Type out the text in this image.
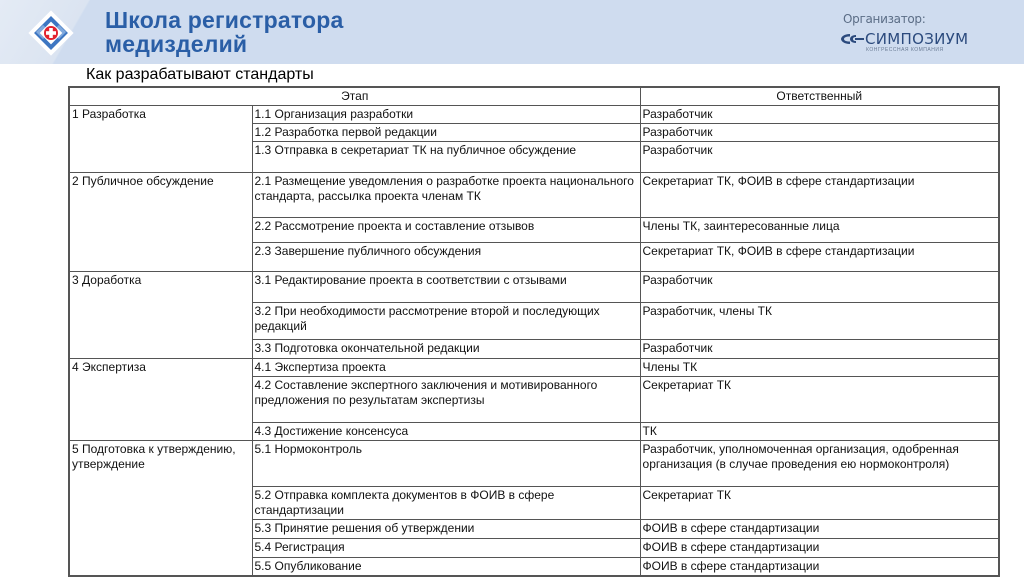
Школа регистратора
медизделий
Организатор:
СИМПОЗИУМ
КОНГРЕССНАЯ КОМПАНИЯ
Как разрабатывают стандарты
Этап		Ответственный
1 Разработка	1.1 Организация разработки	Разработчик
	1.2 Разработка первой редакции	Разработчик
	1.3 Отправка в секретариат ТК на публичное обсуждение	Разработчик
2 Публичное обсуждение	2.1 Размещение уведомления о разработке проекта национального стандарта, рассылка проекта членам ТК	Секретариат ТК, ФОИВ в сфере стандартизации
	2.2 Рассмотрение проекта и составление отзывов	Члены ТК, заинтересованные лица
	2.3 Завершение публичного обсуждения	Секретариат ТК, ФОИВ в сфере стандартизации
3 Доработка	3.1 Редактирование проекта в соответствии с отзывами	Разработчик
	3.2 При необходимости рассмотрение второй и последующих редакций	Разработчик, члены ТК
	3.3 Подготовка окончательной редакции	Разработчик
4 Экспертиза	4.1 Экспертиза проекта	Члены ТК
	4.2 Составление экспертного заключения и мотивированного предложения по результатам экспертизы	Секретариат ТК
	4.3 Достижение консенсуса	ТК
5 Подготовка к утверждению, утверждение	5.1 Нормоконтроль	Разработчик, уполномоченная организация, одобренная организация (в случае проведения ею нормоконтроля)
	5.2 Отправка комплекта документов в ФОИВ в сфере стандартизации	Секретариат ТК
	5.3 Принятие решения об утверждении	ФОИВ в сфере стандартизации
	5.4 Регистрация	ФОИВ в сфере стандартизации
	5.5 Опубликование	ФОИВ в сфере стандартизации
